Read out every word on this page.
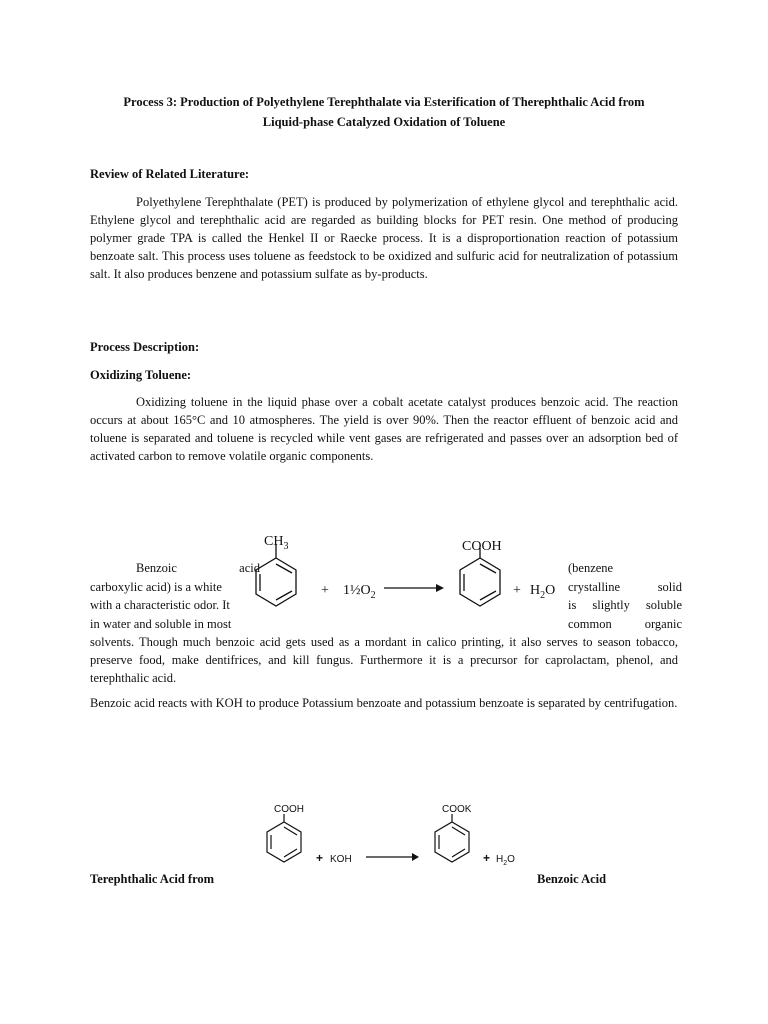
Process 3: Production of Polyethylene Terephthalate via Esterification of Therephthalic Acid from
Liquid-phase Catalyzed Oxidation of Toluene
Review of Related Literature:

Polyethylene Terephthalate (PET) is produced by polymerization of ethylene glycol and terephthalic acid. Ethylene glycol and terephthalic acid are regarded as building blocks for PET resin. One method of producing polymer grade TPA is called the Henkel II or Raecke process. It is a disproportionation reaction of potassium benzoate salt. This process uses toluene as feedstock to be oxidized and sulfuric acid for neutralization of potassium salt. It also produces benzene and potassium sulfate as by-products.

Process Description:
Oxidizing Toluene:

Oxidizing toluene in the liquid phase over a cobalt acetate catalyst produces benzoic acid. The reaction occurs at about 165°C and 10 atmospheres. The yield is over 90%. Then the reactor effluent of benzoic acid and toluene is separated and toluene is recycled while vent gases are refrigerated and passes over an adsorption bed of activated carbon to remove volatile organic components.

Benzoic	acid
carboxylic acid) is a white
with a characteristic odor. It
in water and soluble in most
(benzene
crystalline	solid
is slightly soluble
common	organic

solvents. Though much benzoic acid gets used as a mordant in calico printing, it also serves to season tobacco, preserve food, make dentifrices, and kill fungus. Furthermore it is a precursor for caprolactam, phenol, and terephthalic acid.

Benzoic acid reacts with KOH to produce Potassium benzoate and potassium benzoate is separated by centrifugation.

Terephthalic Acid from	Benzoic Acid
$CH_3$
+ $1\frac{1}{2}O_2$
COOH
+ $H_2O$
COOH
+ KOH
COOK
+ $H_2O$
